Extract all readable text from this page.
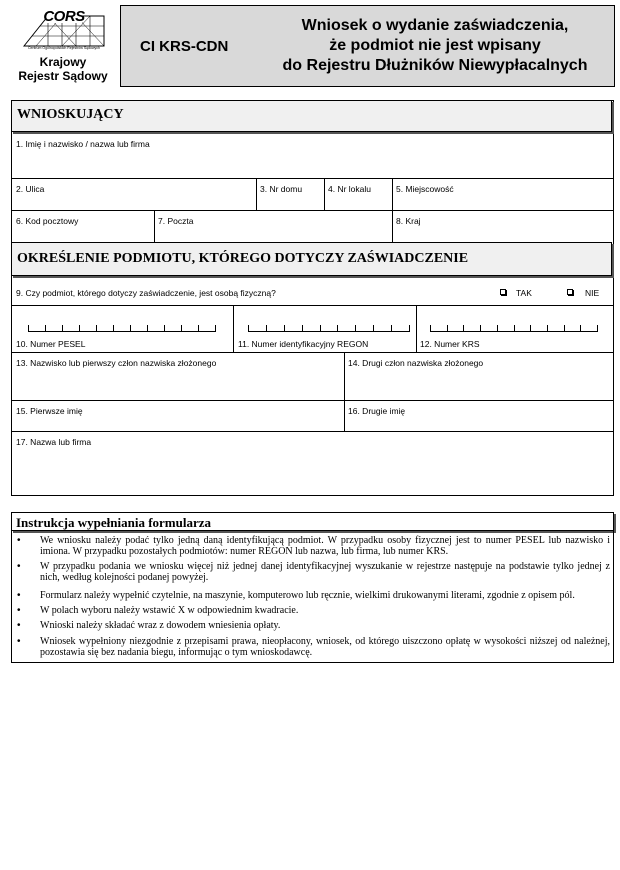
CORS
Centrum Ogólnopolskich Rejestrów Sądowych
Krajowy
Rejestr Sądowy
CI KRS-CDN
Wniosek o wydanie zaświadczenia,
że podmiot nie jest wpisany
do Rejestru Dłużników Niewypłacalnych
WNIOSKUJĄCY
1. Imię i nazwisko / nazwa lub firma
2. Ulica	3. Nr domu	4. Nr lokalu	5. Miejscowość
6. Kod pocztowy	7. Poczta	8. Kraj
OKREŚLENIE PODMIOTU, KTÓREGO DOTYCZY ZAŚWIADCZENIE
9. Czy podmiot, którego dotyczy zaświadczenie, jest osobą fizyczną?	TAK	NIE
10. Numer PESEL	11. Numer identyfikacyjny REGON	12. Numer KRS
13. Nazwisko lub pierwszy człon nazwiska złożonego	14. Drugi człon nazwiska złożonego
15. Pierwsze imię	16. Drugie imię
17. Nazwa lub firma
Instrukcja wypełniania formularza
• We wniosku należy podać tylko jedną daną identyfikującą podmiot. W przypadku osoby fizycznej jest to numer PESEL lub nazwisko i imiona. W przypadku pozostałych podmiotów: numer REGON lub nazwa, lub firma, lub numer KRS.
• W przypadku podania we wniosku więcej niż jednej danej identyfikacyjnej wyszukanie w rejestrze następuje na podstawie tylko jednej z nich, według kolejności podanej powyżej.
• Formularz należy wypełnić czytelnie, na maszynie, komputerowo lub ręcznie, wielkimi drukowanymi literami, zgodnie z opisem pól.
• W polach wyboru należy wstawić X w odpowiednim kwadracie.
• Wnioski należy składać wraz z dowodem wniesienia opłaty.
• Wniosek wypełniony niezgodnie z przepisami prawa, nieopłacony, wniosek, od którego uiszczono opłatę w wysokości niższej od należnej, pozostawia się bez nadania biegu, informując o tym wnioskodawcę.
